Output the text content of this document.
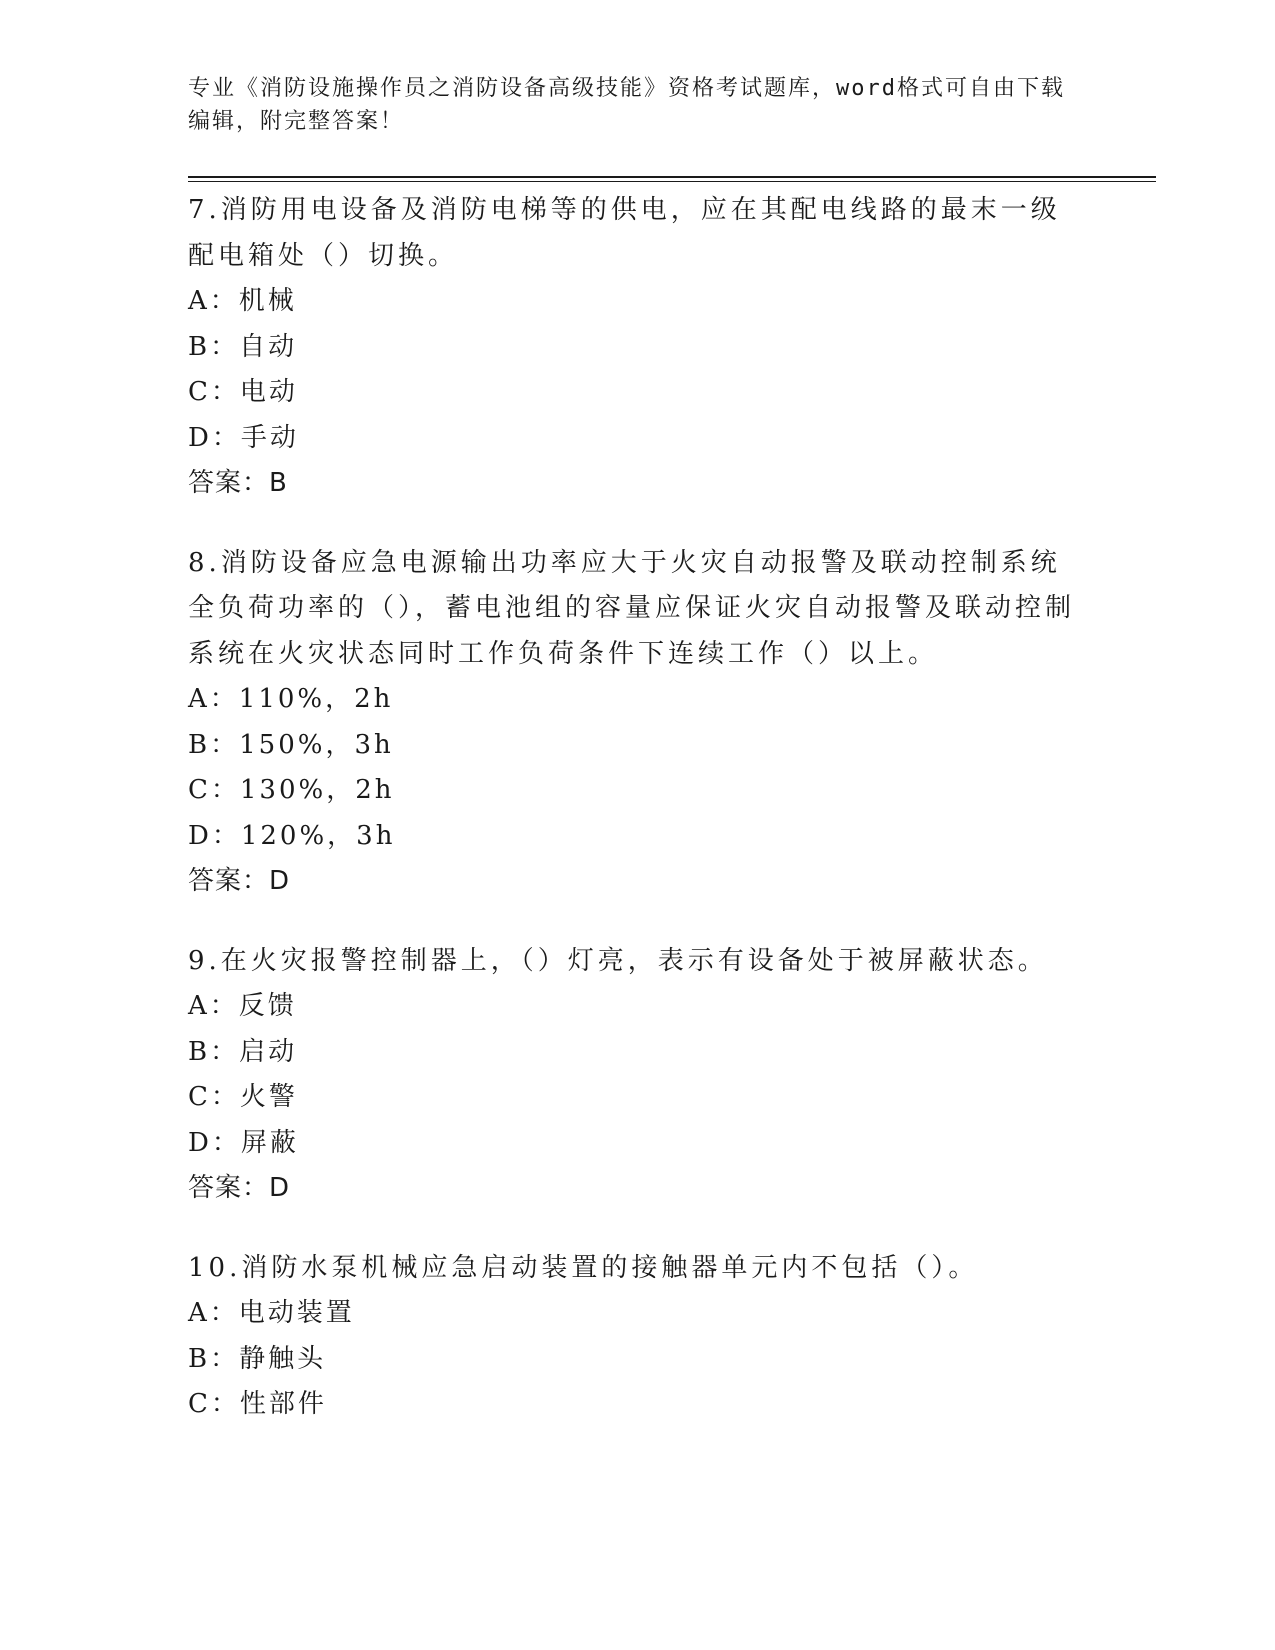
专业《消防设施操作员之消防设备高级技能》资格考试题库，word格式可自由下载编辑，附完整答案！

7.消防用电设备及消防电梯等的供电，应在其配电线路的最末一级配电箱处（）切换。

A：机械

B：自动

C：电动

D：手动

答案：B

8.消防设备应急电源输出功率应大于火灾自动报警及联动控制系统全负荷功率的（），蓄电池组的容量应保证火灾自动报警及联动控制系统在火灾状态同时工作负荷条件下连续工作（）以上。

A：110%，2h

B：150%，3h

C：130%，2h

D：120%，3h

答案：D

9.在火灾报警控制器上，（）灯亮，表示有设备处于被屏蔽状态。

A：反馈

B：启动

C：火警

D：屏蔽

答案：D

10.消防水泵机械应急启动装置的接触器单元内不包括（）。

A：电动装置

B：静触头

C：性部件
